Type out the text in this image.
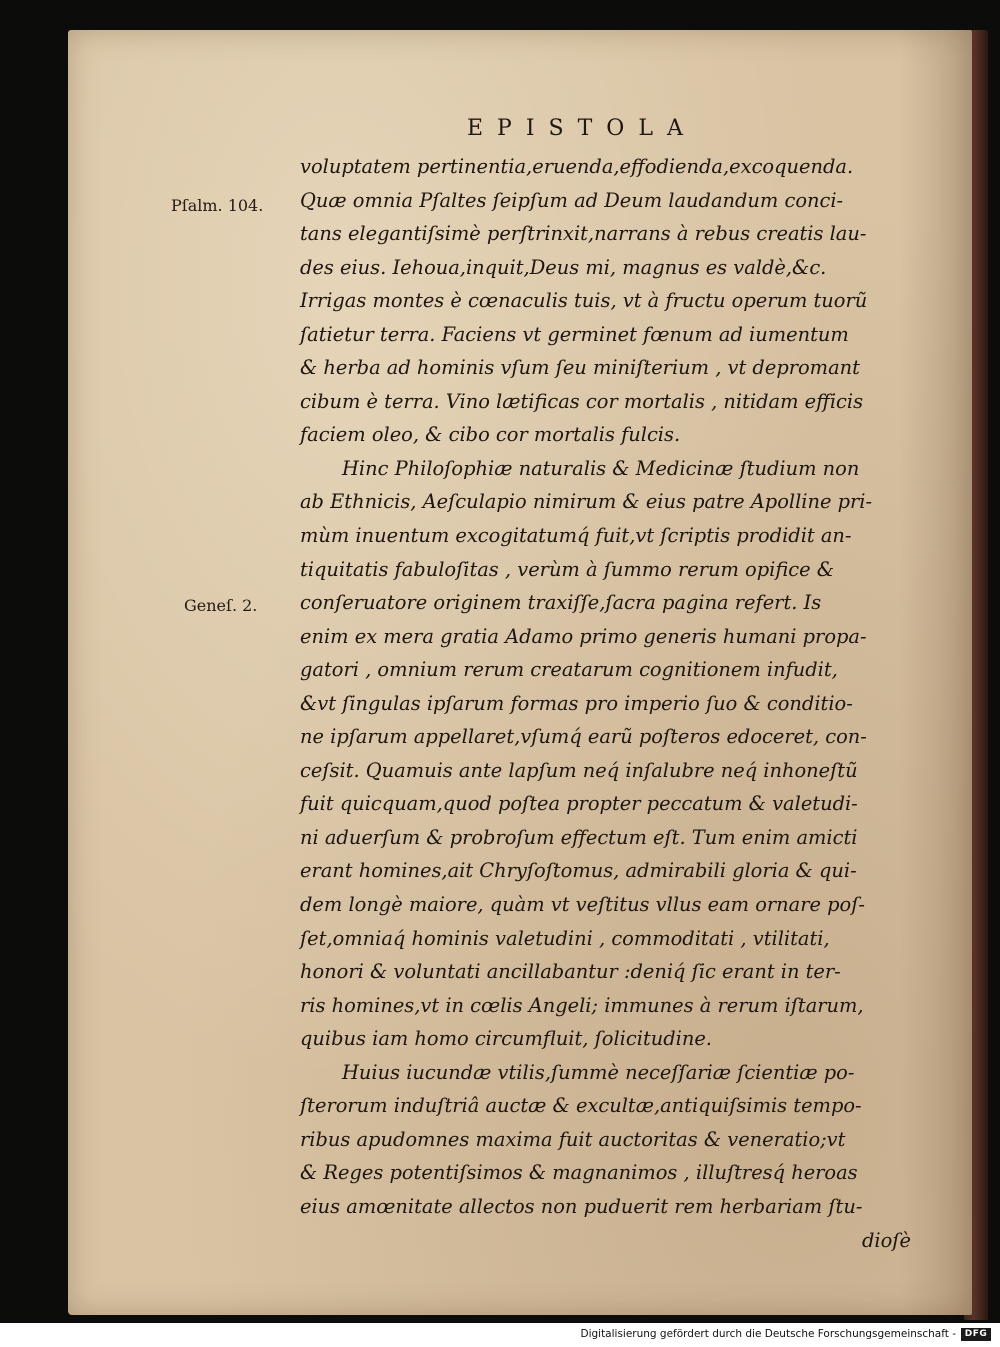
EPISTOLA
Pſalm. 104.
Geneſ. 2.
voluptatem pertinentia,eruenda,effodienda,excoquenda.
Quæ omnia Pſaltes ſeipſum ad Deum laudandum conci-
tans elegantiſsimè perſtrinxit,narrans à rebus creatis lau-
des eius. Iehoua,inquit,Deus mi, magnus es valdè,&c.
Irrigas montes è cœnaculis tuis, vt à fructu operum tuorũ
ſatietur terra. Faciens vt germinet fœnum ad iumentum
& herba ad hominis vſum ſeu miniſterium , vt depromant
cibum è terra. Vino lætificas cor mortalis , nitidam efficis
faciem oleo, & cibo cor mortalis fulcis.
Hinc Philoſophiæ naturalis & Medicinæ ſtudium non
ab Ethnicis, Aeſculapio nimirum & eius patre Apolline pri-
mùm inuentum excogitatumq́ fuit,vt ſcriptis prodidit an-
tiquitatis fabuloſitas , verùm à ſummo rerum opifice &
conſeruatore originem traxiſſe,ſacra pagina refert. Is
enim ex mera gratia Adamo primo generis humani propa-
gatori , omnium rerum creatarum cognitionem infudit,
&vt ſingulas ipſarum formas pro imperio ſuo & conditio-
ne ipſarum appellaret,vſumq́ earũ poſteros edoceret, con-
ceſsit. Quamuis ante lapſum neq́ inſalubre neq́ inhoneſtũ
fuit quicquam,quod poſtea propter peccatum & valetudi-
ni aduerſum & probroſum effectum eſt. Tum enim amicti
erant homines,ait Chryſoſtomus, admirabili gloria & qui-
dem longè maiore, quàm vt veſtitus vllus eam ornare poſ-
ſet,omniaq́ hominis valetudini , commoditati , vtilitati,
honori & voluntati ancillabantur :deniq́ ſic erant in ter-
ris homines,vt in cœlis Angeli; immunes à rerum iſtarum,
quibus iam homo circumfluit, ſolicitudine.
Huius iucundæ vtilis,ſummè neceſſariæ ſcientiæ po-
ſterorum induſtriâ auctæ & excultæ,antiquiſsimis tempo-
ribus apudomnes maxima fuit auctoritas & veneratio;vt
& Reges potentiſsimos & magnanimos , illuſtresq́ heroas
eius amœnitate allectos non puduerit rem herbariam ſtu-
dioſè
Digitalisierung gefördert durch die Deutsche Forschungsgemeinschaft - DFG
